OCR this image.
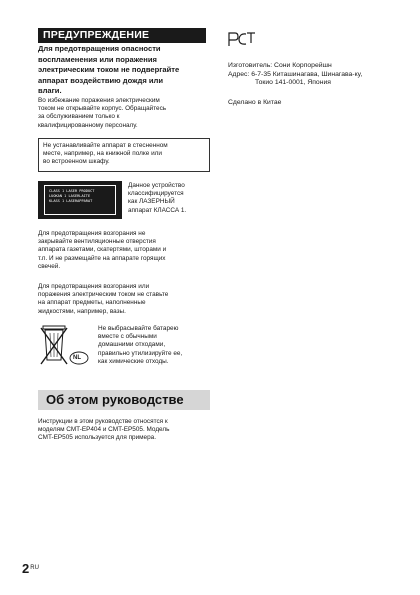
ПРЕДУПРЕЖДЕНИЕ
Для предотвращения опасности
воспламенения или поражения
электрическим током не подвергайте
аппарат воздействию дождя или
влаги.
Во избежание поражения электрическим
током не открывайте корпус. Обращайтесь
за обслуживанием только к
квалифицированному персоналу.
Не устанавливайте аппарат в стесненном
месте, например, на книжной полке или
во встроенном шкафу.
CLASS 1 LASER PRODUCT
LUOKAN 1 LASERLAITE
KLASS 1 LASERAPPARAT
Данное устройство
классифицируется
как ЛАЗЕРНЫЙ
аппарат КЛАССА 1.
Для предотвращения возгорания не
закрывайте вентиляционные отверстия
аппарата газетами, скатертями, шторами и
т.п. И не размещайте на аппарате горящих
свечей.
Для предотвращения возгорания или
поражения электрическим током не ставьте
на аппарат предметы, наполненные
жидкостями, например, вазы.
NL
Не выбрасывайте батарею
вместе с обычными
домашними отходами,
правильно утилизируйте ее,
как химические отходы.
Об этом руководстве
Инструкции в этом руководстве относятся к
моделям CMT-EP404 и CMT-EP505. Модель
CMT-EP505 используется для примера.
Изготовитель: Сони Корпорейшн
Адрес: 6-7-35 Киташинагава, Шинагава-ку,
Токио 141-0001, Япония
Сделано в Китае
$2^{RU}$
